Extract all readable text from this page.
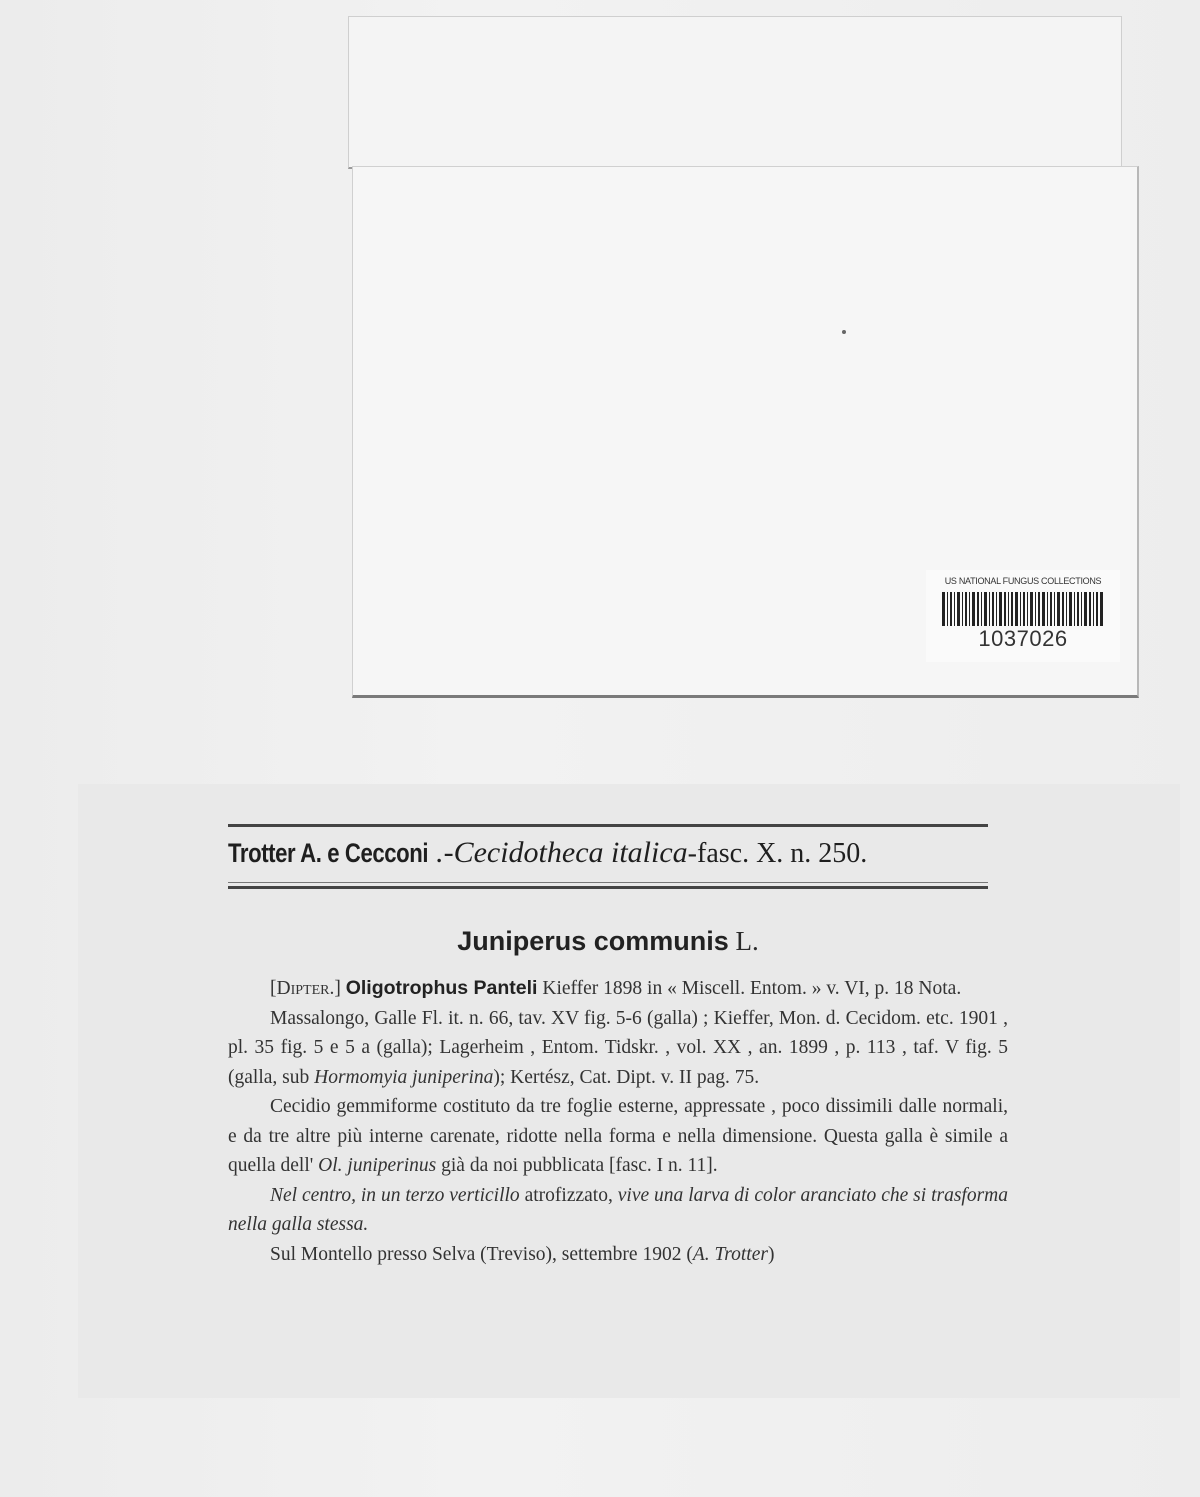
US NATIONAL FUNGUS COLLECTIONS
1037026
Trotter A. e Cecconi .-Cecidotheca italica-fasc. X. n. 250.
Juniperus communis L.

[Dipter.] Oligotrophus Panteli Kieffer 1898 in « Miscell. Entom. » v. VI, p. 18 Nota.

Massalongo, Galle Fl. it. n. 66, tav. XV fig. 5-6 (galla) ; Kieffer, Mon. d. Cecidom. etc. 1901 , pl. 35 fig. 5 e 5 a (galla); Lagerheim , Entom. Tidskr. , vol. XX , an. 1899 , p. 113 , taf. V fig. 5 (galla, sub Hormomyia juniperina); Kertész, Cat. Dipt. v. II pag. 75.

Cecidio gemmiforme costituto da tre foglie esterne, appressate , poco dissimili dalle normali, e da tre altre più interne carenate, ridotte nella forma e nella dimensione. Questa galla è simile a quella dell' Ol. juniperinus già da noi pubblicata [fasc. I n. 11].

Nel centro, in un terzo verticillo atrofizzato, vive una larva di color aranciato che si trasforma nella galla stessa.

Sul Montello presso Selva (Treviso), settembre 1902 (A. Trotter)
